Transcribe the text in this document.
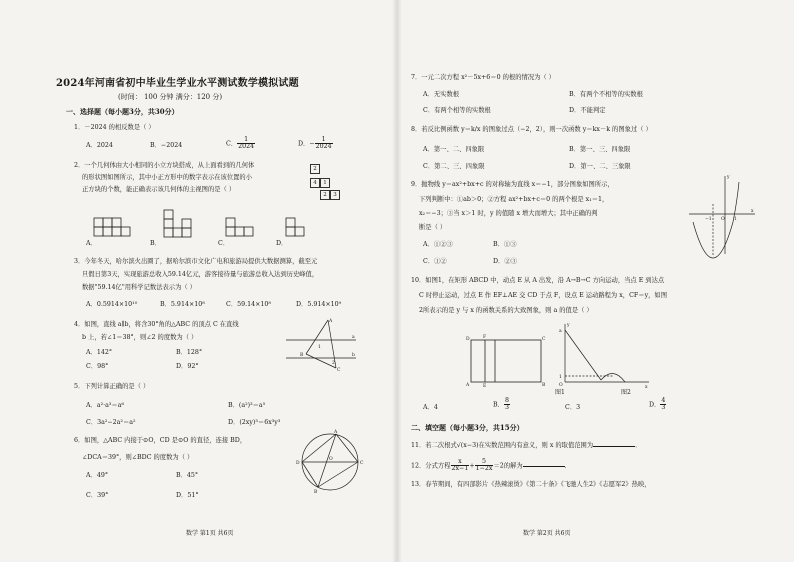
2024年河南省初中毕业生学业水平测试数学模拟试题
(时间： 100 分钟 满分：120 分)
一、选择题（每小题3分，共30分）
1．－2024 的相反数是（ ）
A．2024	B．−2024	C． $\frac{1}{2024}$	D．− $\frac{1}{2024}$
2．一个几何体由大小相同的小立方块搭成，从上面看到的几何体
的形状图如图所示，其中小正方形中的数字表示在该位置的小
正方块的个数，能正确表示该几何体的主视图的是（ ）
2
4	1
2	3
A．	B．	C．	D．
3．今年冬天，哈尔滨火出圈了，据哈尔滨市文化广电和旅游局提供大数据测算，截至元
旦假日第3天，实现旅游总收入59.14亿元，游客接待量与旅游总收入达到历史峰值，
数据"59.14亿"用科学记数法表示为（ ）
A．0.5914×10¹⁰	B．5.914×10⁸	C．59.14×10⁸	D．5.914×10⁹
4．如图，直线 a∥b，将含30°角的△ABC 的顶点 C 在直线
b 上，若∠1＝38°，则∠2 的度数为（ ）
A
B
C
a
b
1
2
A．142°	B．128°
C．98°	D．92°
5．下列计算正确的是（ ）
A．a²·a³＝a⁶	B．(a²)³＝a⁵
C．3a²−2a²＝a²	D．(2xy)³＝6x³y³
6．如图，△ABC 内接于⊙O，CD 是⊙O 的直径，连接 BD，
∠DCA＝39°，则∠BDC 的度数为（ ）
D	C
A
B
O
A．49°	B．45°
C．39°	D．51°
数学 第1页 共6页
7．一元二次方程 x²－5x+6＝0 的根的情况为（ ）
A．无实数根	B．有两个不相等的实数根
C．有两个相等的实数根	D．不能判定
8．若反比例函数 y＝k/x 的图象过点（−2，2），则一次函数 y＝kx－k 的图象过（ ）
A．第一、二、四象限	B．第一、三、四象限
C．第二、三、四象限	D．第一、二、三象限
9．抛物线 y＝ax²+bx+c 的对称轴为直线 x＝−1，部分图象如图所示，
下列判断中：①ab＞0；②方程 ax²+bx+c＝0 的两个根是 x₁＝1，
x₂＝−3；③当 x＞1 时，y 的值随 x 增大而增大；其中正确的判
断是（ ）
x
y
−1 O 1
A．①②③	B．①③
C．①②	D．②③
10．如图1，在矩形 ABCD 中，动点 E 从 A 出发，沿 A→B→C 方向运动，当点 E 到达点
C 时停止运动，过点 E 作 EF⊥AE 交 CD 于点 F，设点 E 运动路程为 x，CF＝y，如图
2所表示的是 y 与 x 的函数关系的大致图象，则 a 的值是（ ）
D	F	C
A	E	B
图1
y
a
1
O	x
图2
A．4	B． $\frac{8}{3}$	C．3	D． $\frac{4}{3}$
二、填空题（每小题3分，共15分）
11．若二次根式√(x−3)在实数范围内有意义，则 x 的取值范围为	．
12．分式方程 $\frac{x}{2x-1} + \frac{5}{1-2x} =2$的解为	．
13．春节期间，有四部影片《热辣滚烫》《第二十条》《飞驰人生2》《志愿军2》热映，
数学 第2页 共6页
